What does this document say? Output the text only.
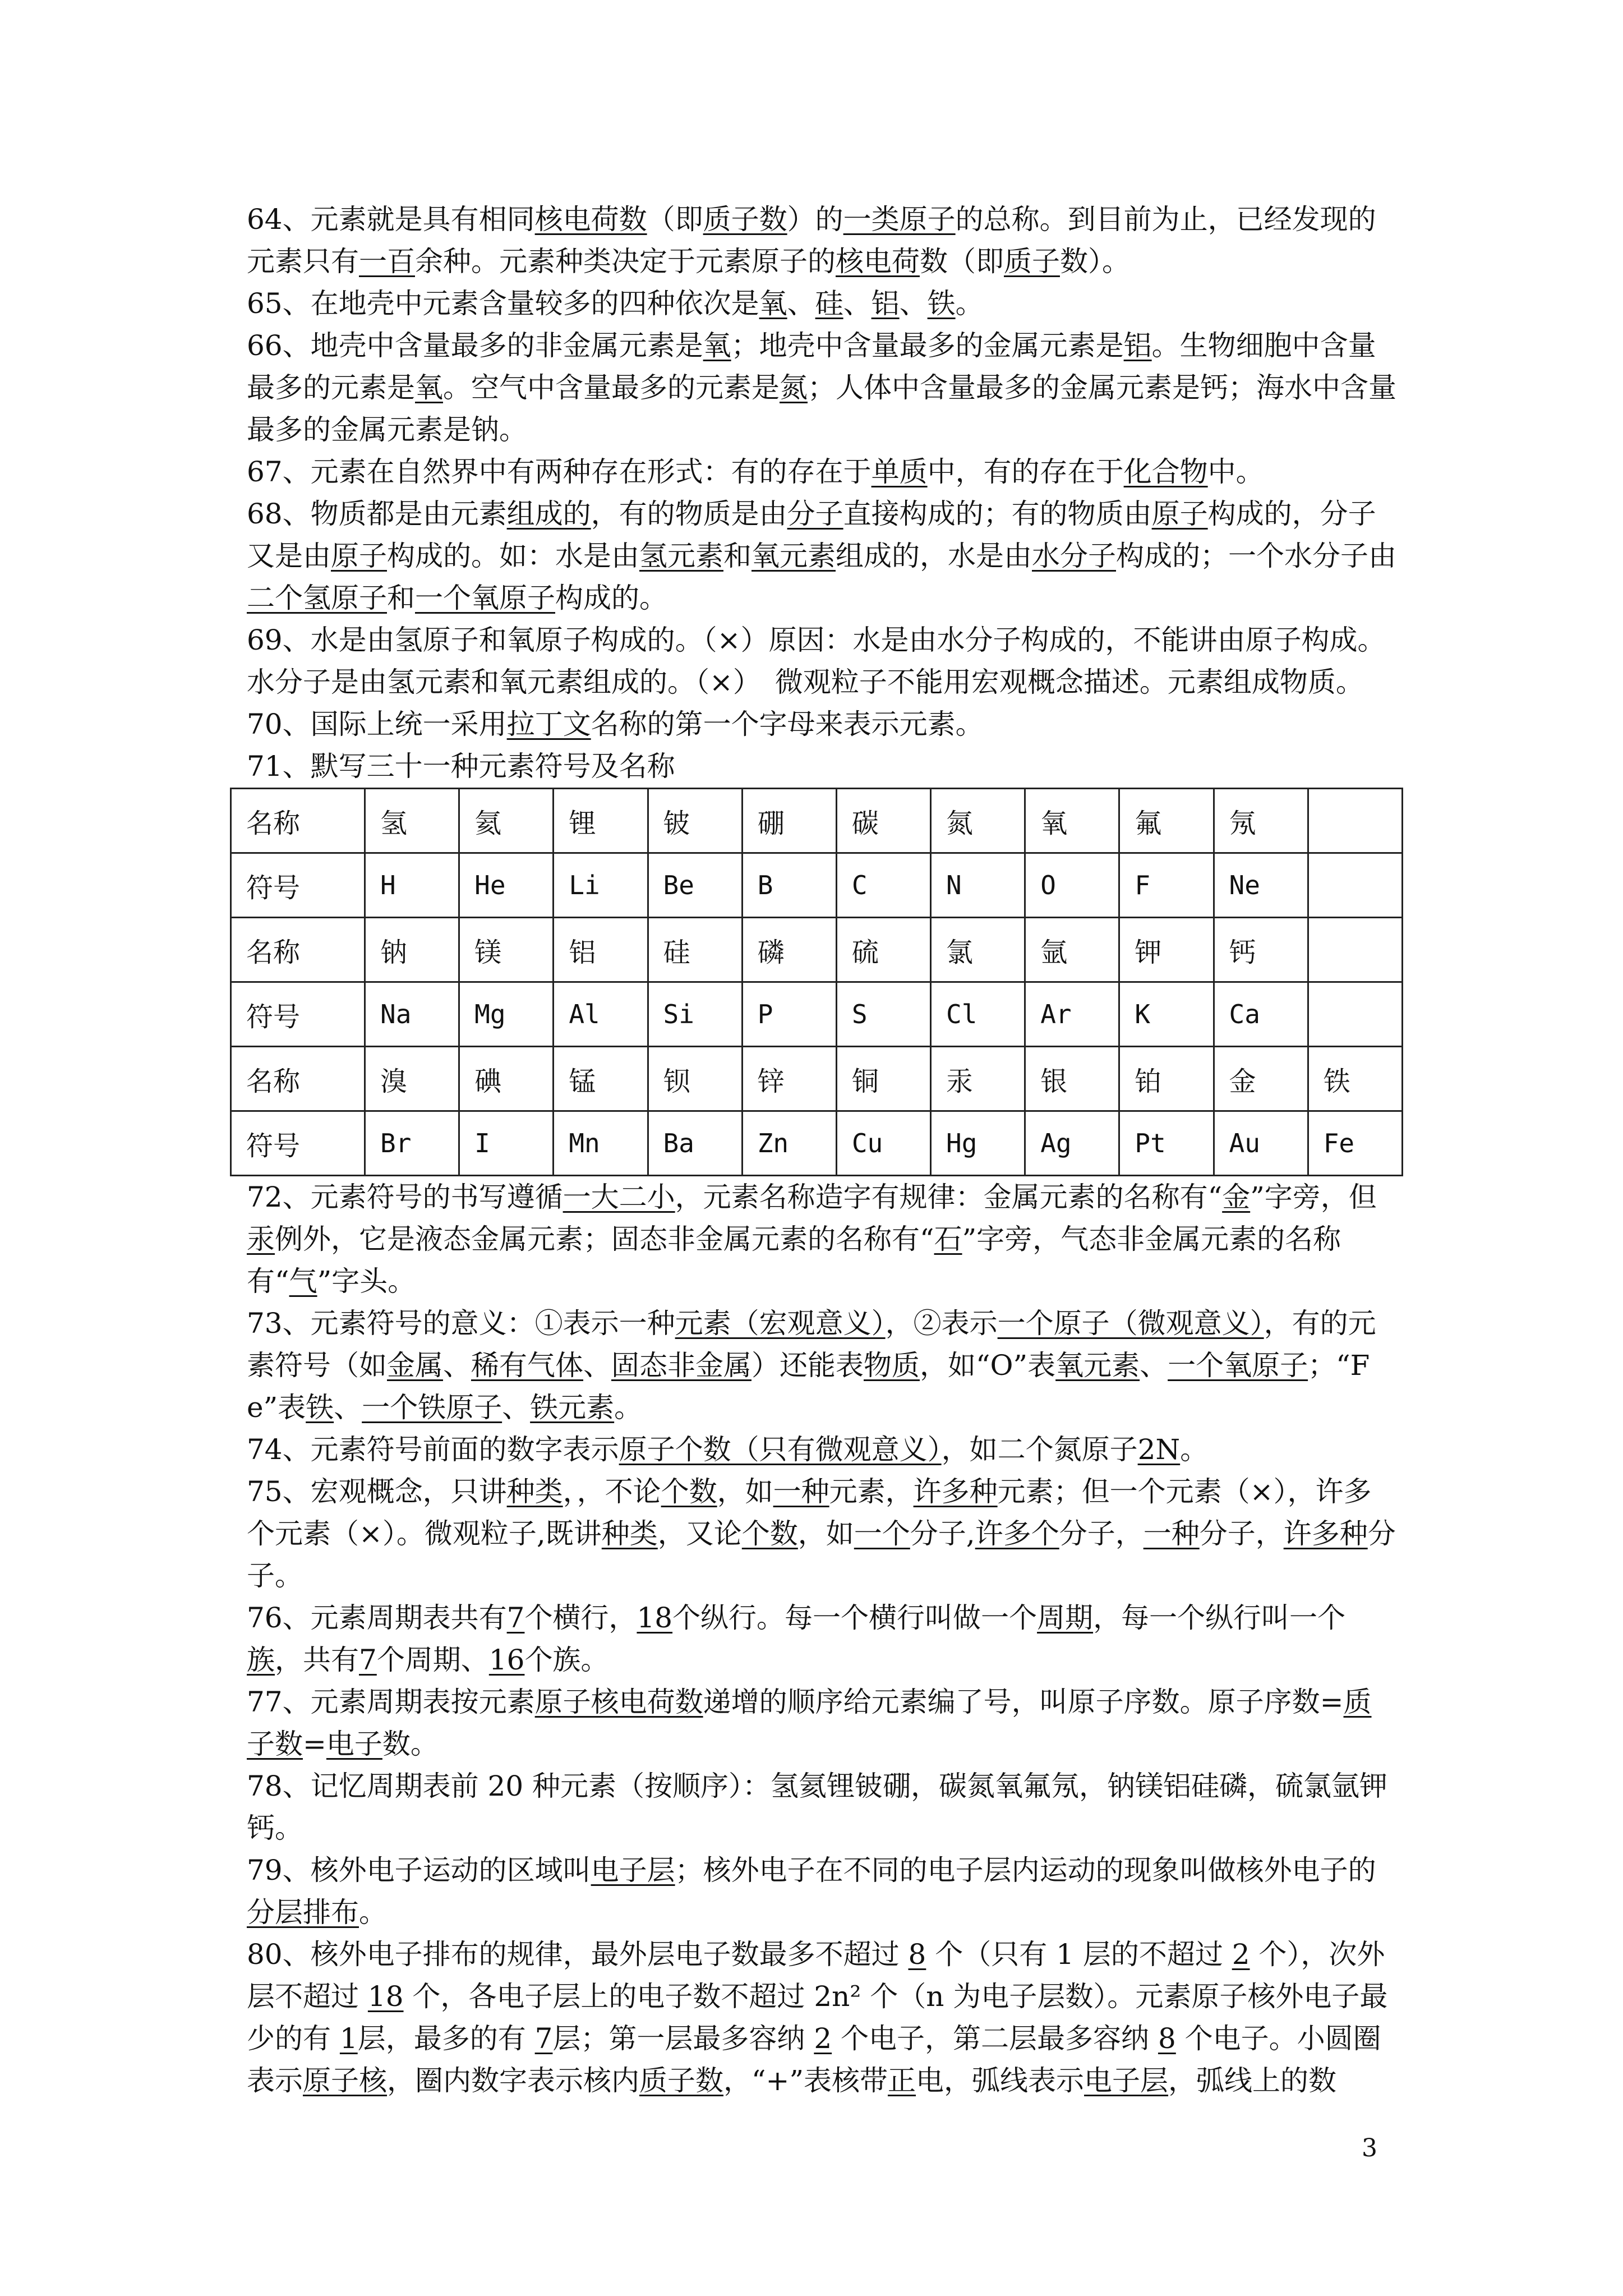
64、元素就是具有相同核电荷数（即质子数）的一类原子的总称。到目前为止，已经发现的元素只有一百余种。元素种类决定于元素原子的核电荷数（即质子数）。

65、在地壳中元素含量较多的四种依次是氧、硅、铝、铁。

66、地壳中含量最多的非金属元素是氧；地壳中含量最多的金属元素是铝。生物细胞中含量最多的元素是氧。空气中含量最多的元素是氮；人体中含量最多的金属元素是钙；海水中含量最多的金属元素是钠。

67、元素在自然界中有两种存在形式：有的存在于单质中，有的存在于化合物中。

68、物质都是由元素组成的，有的物质是由分子直接构成的；有的物质由原子构成的，分子又是由原子构成的。如：水是由氢元素和氧元素组成的，水是由水分子构成的；一个水分子由二个氢原子和一个氧原子构成的。

69、水是由氢原子和氧原子构成的。（×）原因：水是由水分子构成的，不能讲由原子构成。水分子是由氢元素和氧元素组成的。（×）　微观粒子不能用宏观概念描述。元素组成物质。

70、国际上统一采用拉丁文名称的第一个字母来表示元素。

71、默写三十一种元素符号及名称

名称	氢	氦	锂	铍	硼	碳	氮	氧	氟	氖	
符号	H	He	Li	Be	B	C	N	O	F	Ne	
名称	钠	镁	铝	硅	磷	硫	氯	氩	钾	钙	
符号	Na	Mg	Al	Si	P	S	Cl	Ar	K	Ca	
名称	溴	碘	锰	钡	锌	铜	汞	银	铂	金	铁
符号	Br	I	Mn	Ba	Zn	Cu	Hg	Ag	Pt	Au	Fe

72、元素符号的书写遵循一大二小，元素名称造字有规律：金属元素的名称有“金”字旁，但汞例外，它是液态金属元素；固态非金属元素的名称有“石”字旁，气态非金属元素的名称有“气”字头。

73、元素符号的意义：①表示一种元素（宏观意义），②表示一个原子（微观意义），有的元素符号（如金属、稀有气体、固态非金属）还能表物质，如“O”表氧元素、一个氧原子；“Fe”表铁、一个铁原子、铁元素。

74、元素符号前面的数字表示原子个数（只有微观意义），如二个氮原子2N。

75、宏观概念，只讲种类，，不论个数，如一种元素，许多种元素；但一个元素（×），许多个元素（×）。微观粒子,既讲种类，又论个数，如一个分子,许多个分子，一种分子，许多种分子。

76、元素周期表共有7个横行，18个纵行。每一个横行叫做一个周期，每一个纵行叫一个族，共有7个周期、16个族。

77、元素周期表按元素原子核电荷数递增的顺序给元素编了号，叫原子序数。原子序数=质子数=电子数。

78、记忆周期表前 20 种元素（按顺序）：氢氦锂铍硼，碳氮氧氟氖，钠镁铝硅磷，硫氯氩钾钙。

79、核外电子运动的区域叫电子层；核外电子在不同的电子层内运动的现象叫做核外电子的分层排布。

80、核外电子排布的规律，最外层电子数最多不超过 8 个（只有 1 层的不超过 2 个），次外层不超过 18 个，各电子层上的电子数不超过 2n² 个（n 为电子层数）。元素原子核外电子最少的有 1层，最多的有 7层；第一层最多容纳 2 个电子，第二层最多容纳 8 个电子。小圆圈表示原子核，圈内数字表示核内质子数，“+”表核带正电，弧线表示电子层，弧线上的数

3
